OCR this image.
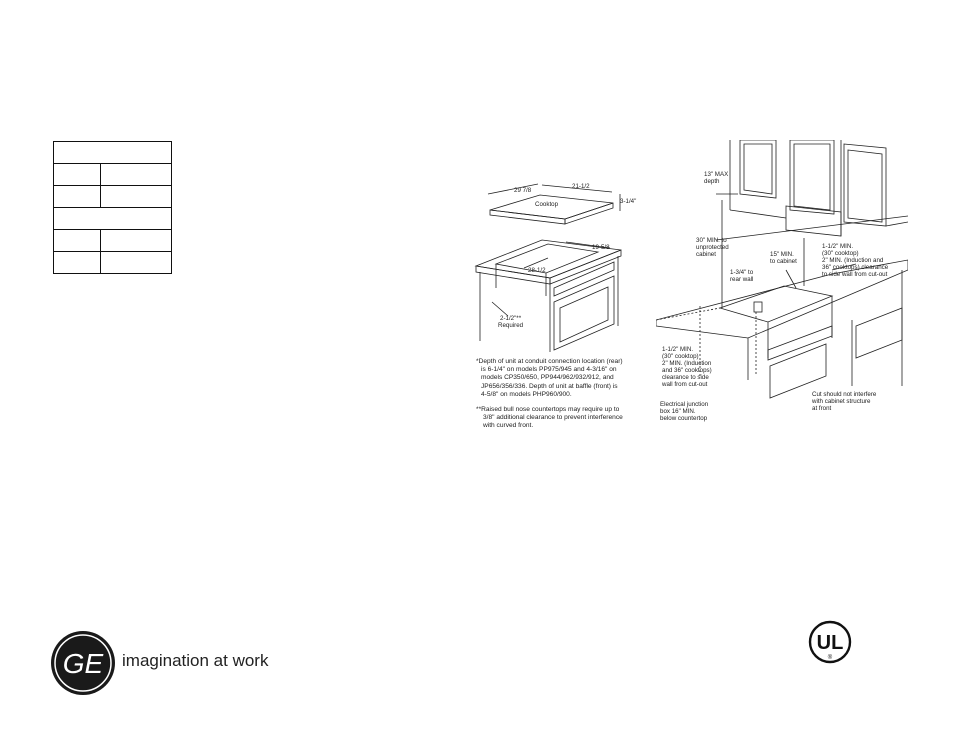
29 7/8
21-1/2
3-1/4"
Cooktop
19-5/8
28-1/2
2-1/2"**
Required
*Depth of unit at conduit connection location (rear)
is 6-1/4" on models PP975/945 and 4-3/16" on
models CP350/650, PP944/962/932/912, and
JP656/356/336. Depth of unit at baffle (front) is
4-5/8" on models PHP960/900.
**Raised bull nose countertops may require up to
3/8" additional clearance to prevent interference
with curved front.
13" MAX
depth
30" MIN. to
unprotected
cabinet	15" MIN.
to cabinet
1-1/2" MIN.
(30" cooktop)
2" MIN. (Induction and
36" cooktops) clearance
to side wall from cut-out
1-3/4" to
rear wall
1-1/2" MIN.
(30" cooktop)
2" MIN. (Induction
and 36" cooktops)
clearance to side
wall from cut-out
Electrical junction
box 16" MIN.
below countertop
Cut should not interfere
with cabinet structure
at front
GE imagination at work
UL
®
